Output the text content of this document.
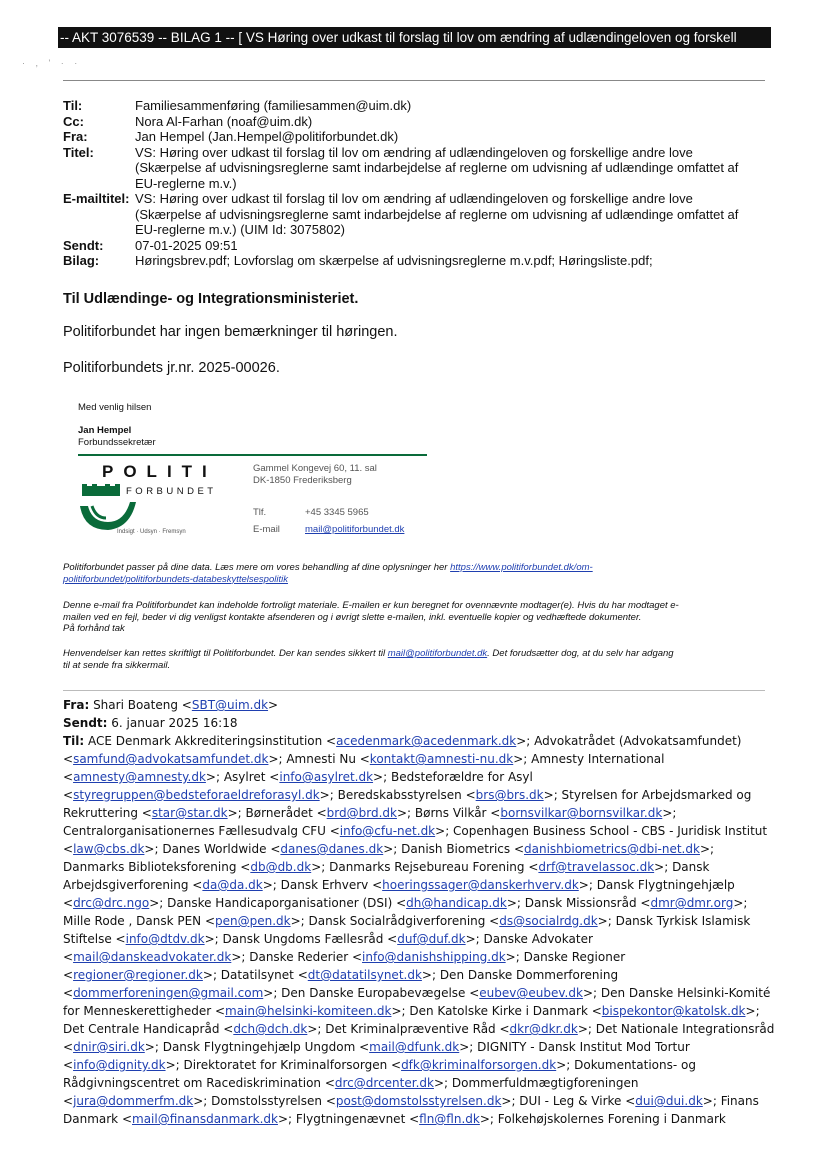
-- AKT 3076539 -- BILAG 1 -- [ VS Høring over udkast til forslag til lov om ændring af udlændingeloven og forskell
· , ' · ·
Til:	Familiesammenføring (familiesammen@uim.dk)
Cc:	Nora Al-Farhan (noaf@uim.dk)
Fra:	Jan Hempel (Jan.Hempel@politiforbundet.dk)
Titel:	VS: Høring over udkast til forslag til lov om ændring af udlændingeloven og forskellige andre love
(Skærpelse af udvisningsreglerne samt indarbejdelse af reglerne om udvisning af udlændinge omfattet af
EU-reglerne m.v.)
E-mailtitel: VS: Høring over udkast til forslag til lov om ændring af udlændingeloven og forskellige andre love
(Skærpelse af udvisningsreglerne samt indarbejdelse af reglerne om udvisning af udlændinge omfattet af
EU-reglerne m.v.) (UIM Id: 3075802)
Sendt:	07-01-2025 09:51
Bilag:	Høringsbrev.pdf; Lovforslag om skærpelse af udvisningsreglerne m.v.pdf; Høringsliste.pdf;
Til Udlændinge- og Integrationsministeriet.
Politiforbundet har ingen bemærkninger til høringen.
Politiforbundets jr.nr. 2025-00026.
Med venlig hilsen
Jan Hempel
Forbundssekretær
POLITI
FORBUNDET
Indsigt · Udsyn · Fremsyn
Gammel Kongevej 60, 11. sal
DK-1850 Frederiksberg
Tlf.	+45 3345 5965
E-mail	mail@politiforbundet.dk
Politiforbundet passer på dine data. Læs mere om vores behandling af dine oplysninger her https://www.politiforbundet.dk/om-
politiforbundet/politiforbundets-databeskyttelsespolitik
Denne e-mail fra Politiforbundet kan indeholde fortroligt materiale. E-mailen er kun beregnet for ovennævnte modtager(e). Hvis du har modtaget e-
mailen ved en fejl, beder vi dig venligst kontakte afsenderen og i øvrigt slette e-mailen, inkl. eventuelle kopier og vedhæftede dokumenter.
På forhånd tak
Henvendelser kan rettes skriftligt til Politiforbundet. Der kan sendes sikkert til mail@politiforbundet.dk. Det forudsætter dog, at du selv har adgang
til at sende fra sikkermail.
Fra: Shari Boateng <SBT@uim.dk>
Sendt: 6. januar 2025 16:18
Til: ACE Denmark Akkrediteringsinstitution <acedenmark@acedenmark.dk>; Advokatrådet (Advokatsamfundet) <samfund@advokatsamfundet.dk>; Amnesti Nu <kontakt@amnesti-nu.dk>; Amnesty International <amnesty@amnesty.dk>; Asylret <info@asylret.dk>; Bedsteforældre for Asyl <styregruppen@bedsteforaeldreforasyl.dk>; Beredskabsstyrelsen <brs@brs.dk>; Styrelsen for Arbejdsmarked og Rekruttering <star@star.dk>; Børnerådet <brd@brd.dk>; Børns Vilkår <bornsvilkar@bornsvilkar.dk>; Centralorganisationernes Fællesudvalg CFU <info@cfu-net.dk>; Copenhagen Business School - CBS - Juridisk Institut <law@cbs.dk>; Danes Worldwide <danes@danes.dk>; Danish Biometrics <danishbiometrics@dbi-net.dk>; Danmarks Biblioteksforening <db@db.dk>; Danmarks Rejsebureau Forening <drf@travelassoc.dk>; Dansk Arbejdsgiverforening <da@da.dk>; Dansk Erhverv <hoeringssager@danskerhverv.dk>; Dansk Flygtningehjælp <drc@drc.ngo>; Danske Handicaporganisationer (DSI) <dh@handicap.dk>; Dansk Missionsråd <dmr@dmr.org>; Mille Rode , Dansk PEN <pen@pen.dk>; Dansk Socialrådgiverforening <ds@socialrdg.dk>; Dansk Tyrkisk Islamisk Stiftelse <info@dtdv.dk>; Dansk Ungdoms Fællesråd <duf@duf.dk>; Danske Advokater <mail@danskeadvokater.dk>; Danske Rederier <info@danishshipping.dk>; Danske Regioner <regioner@regioner.dk>; Datatilsynet <dt@datatilsynet.dk>; Den Danske Dommerforening <dommerforeningen@gmail.com>; Den Danske Europabevægelse <eubev@eubev.dk>; Den Danske Helsinki-Komité for Menneskerettigheder <main@helsinki-komiteen.dk>; Den Katolske Kirke i Danmark <bispekontor@katolsk.dk>; Det Centrale Handicapråd <dch@dch.dk>; Det Kriminalpræventive Råd <dkr@dkr.dk>; Det Nationale Integrationsråd <dnir@siri.dk>; Dansk Flygtningehjælp Ungdom <mail@dfunk.dk>; DIGNITY - Dansk Institut Mod Tortur <info@dignity.dk>; Direktoratet for Kriminalforsorgen <dfk@kriminalforsorgen.dk>; Dokumentations- og Rådgivningscentret om Racediskrimination <drc@drcenter.dk>; Dommerfuldmægtigforeningen <jura@dommerfm.dk>; Domstolsstyrelsen <post@domstolsstyrelsen.dk>; DUI - Leg & Virke <dui@dui.dk>; Finans Danmark <mail@finansdanmark.dk>; Flygtningenævnet <fln@fln.dk>; Folkehøjskolernes Forening i Danmark
